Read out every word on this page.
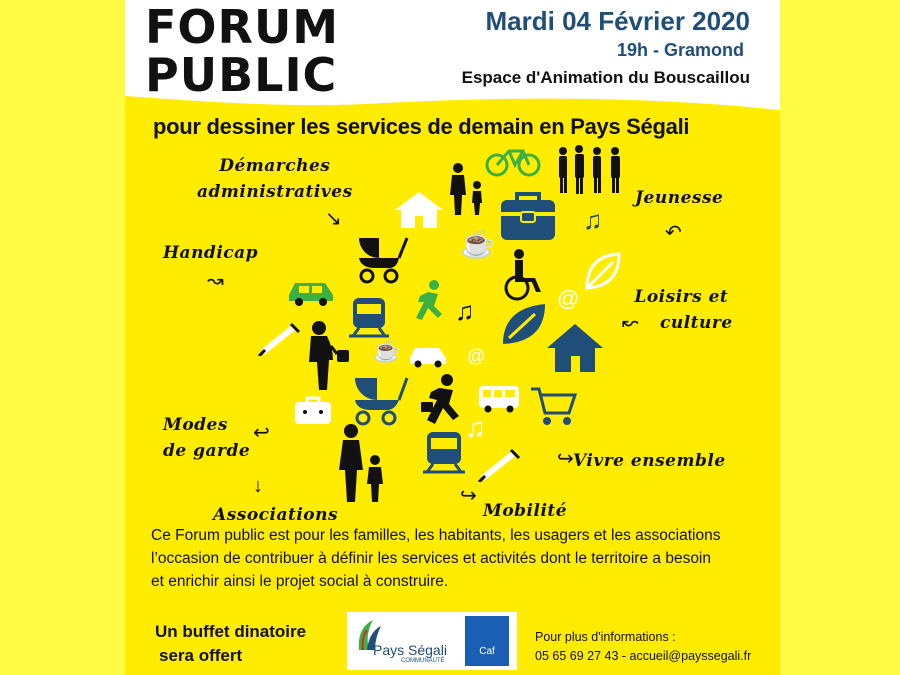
FORUM
PUBLIC
Mardi 04 Février 2020
19h - Gramond
Espace d'Animation du Bouscaillou
pour dessiner les services de demain en Pays Ségali
Démarches
administratives
↘
Handicap
↝
Jeunesse
↶
Loisirs et
culture
↜
Modes
de garde
↩
Vivre ensemble
↪
Associations
↓
Mobilité
↪
♫
☕
@
♫
☕	@
♫
Ce Forum public est pour les familles, les habitants, les usagers et les associations
l’occasion de contribuer à définir les services et activités dont le territoire a besoin
et enrichir ainsi le projet social à construire.
Un buffet dinatoire
sera offert	Pays Ségali
COMMUNAUTÉ
Caf
Pour plus d'informations :
05 65 69 27 43 - accueil@payssegali.fr
